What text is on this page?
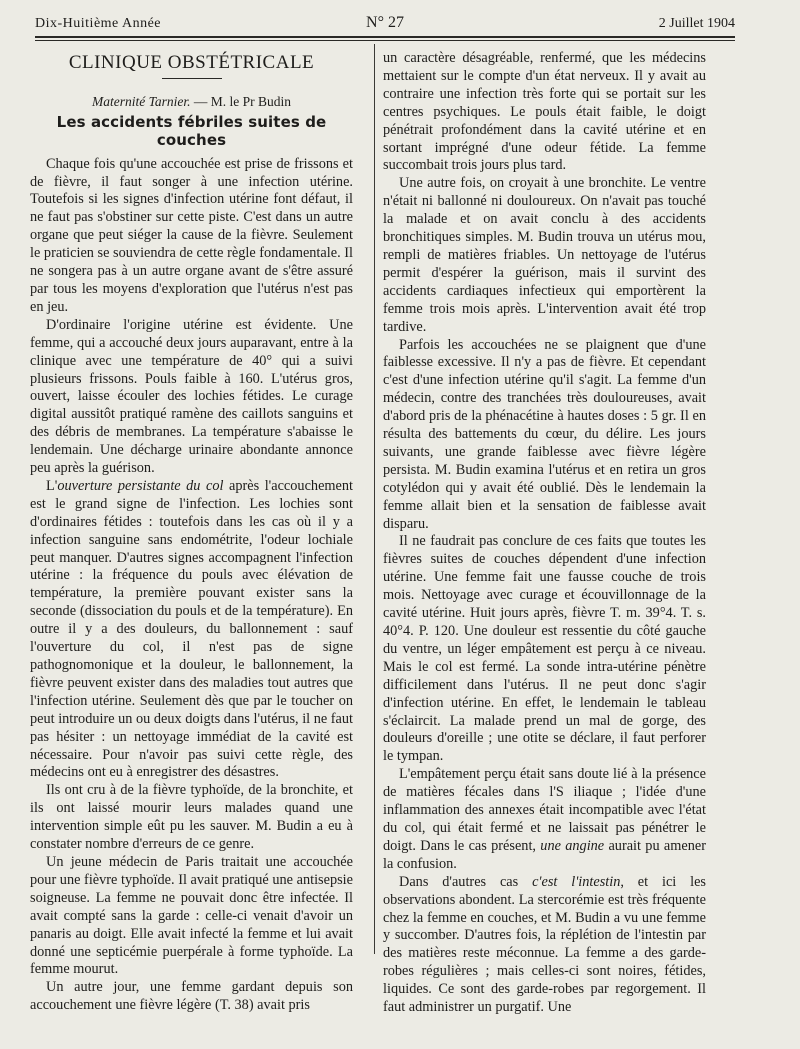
Dix-Huitième Année	N° 27	2 Juillet 1904
CLINIQUE OBSTÉTRICALE
Maternité Tarnier. — M. le Pr Budin
Les accidents fébriles suites de couches

Chaque fois qu'une accouchée est prise de frissons et de fièvre, il faut songer à une infection utérine. Toutefois si les signes d'infection utérine font défaut, il ne faut pas s'obstiner sur cette piste. C'est dans un autre organe que peut siéger la cause de la fièvre. Seulement le praticien se souviendra de cette règle fondamentale. Il ne songera pas à un autre organe avant de s'être assuré par tous les moyens d'exploration que l'utérus n'est pas en jeu.

D'ordinaire l'origine utérine est évidente. Une femme, qui a accouché deux jours auparavant, entre à la clinique avec une température de 40° qui a suivi plusieurs frissons. Pouls faible à 160. L'utérus gros, ouvert, laisse écouler des lochies fétides. Le curage digital aussitôt pratiqué ramène des caillots sanguins et des débris de membranes. La température s'abaisse le lendemain. Une décharge urinaire abondante annonce peu après la guérison.

L'ouverture persistante du col après l'accouchement est le grand signe de l'infection. Les lochies sont d'ordinaires fétides : toutefois dans les cas où il y a infection sanguine sans endométrite, l'odeur lochiale peut manquer. D'autres signes accompagnent l'infection utérine : la fréquence du pouls avec élévation de température, la première pouvant exister sans la seconde (dissociation du pouls et de la température). En outre il y a des douleurs, du ballonnement : sauf l'ouverture du col, il n'est pas de signe pathognomonique et la douleur, le ballonnement, la fièvre peuvent exister dans des maladies tout autres que l'infection utérine. Seulement dès que par le toucher on peut introduire un ou deux doigts dans l'utérus, il ne faut pas hésiter : un nettoyage immédiat de la cavité est nécessaire. Pour n'avoir pas suivi cette règle, des médecins ont eu à enregistrer des désastres.

Ils ont cru à de la fièvre typhoïde, de la bronchite, et ils ont laissé mourir leurs malades quand une intervention simple eût pu les sauver. M. Budin a eu à constater nombre d'erreurs de ce genre.

Un jeune médecin de Paris traitait une accouchée pour une fièvre typhoïde. Il avait pratiqué une antisepsie soigneuse. La femme ne pouvait donc être infectée. Il avait compté sans la garde : celle-ci venait d'avoir un panaris au doigt. Elle avait infecté la femme et lui avait donné une septicémie puerpérale à forme typhoïde. La femme mourut.

Un autre jour, une femme gardant depuis son accouchement une fièvre légère (T. 38) avait pris

un caractère désagréable, renfermé, que les médecins mettaient sur le compte d'un état nerveux. Il y avait au contraire une infection très forte qui se portait sur les centres psychiques. Le pouls était faible, le doigt pénétrait profondément dans la cavité utérine et en sortant imprégné d'une odeur fétide. La femme succombait trois jours plus tard.

Une autre fois, on croyait à une bronchite. Le ventre n'était ni ballonné ni douloureux. On n'avait pas touché la malade et on avait conclu à des accidents bronchitiques simples. M. Budin trouva un utérus mou, rempli de matières friables. Un nettoyage de l'utérus permit d'espérer la guérison, mais il survint des accidents cardiaques infectieux qui emportèrent la femme trois mois après. L'intervention avait été trop tardive.

Parfois les accouchées ne se plaignent que d'une faiblesse excessive. Il n'y a pas de fièvre. Et cependant c'est d'une infection utérine qu'il s'agit. La femme d'un médecin, contre des tranchées très douloureuses, avait d'abord pris de la phénacétine à hautes doses : 5 gr. Il en résulta des battements du cœur, du délire. Les jours suivants, une grande faiblesse avec fièvre légère persista. M. Budin examina l'utérus et en retira un gros cotylédon qui y avait été oublié. Dès le lendemain la femme allait bien et la sensation de faiblesse avait disparu.

Il ne faudrait pas conclure de ces faits que toutes les fièvres suites de couches dépendent d'une infection utérine. Une femme fait une fausse couche de trois mois. Nettoyage avec curage et écouvillonnage de la cavité utérine. Huit jours après, fièvre T. m. 39°4. T. s. 40°4. P. 120. Une douleur est ressentie du côté gauche du ventre, un léger empâtement est perçu à ce niveau. Mais le col est fermé. La sonde intra-utérine pénètre difficilement dans l'utérus. Il ne peut donc s'agir d'infection utérine. En effet, le lendemain le tableau s'éclaircit. La malade prend un mal de gorge, des douleurs d'oreille ; une otite se déclare, il faut perforer le tympan.

L'empâtement perçu était sans doute lié à la présence de matières fécales dans l'S iliaque ; l'idée d'une inflammation des annexes était incompatible avec l'état du col, qui était fermé et ne laissait pas pénétrer le doigt. Dans le cas présent, une angine aurait pu amener la confusion.

Dans d'autres cas c'est l'intestin, et ici les observations abondent. La stercorémie est très fréquente chez la femme en couches, et M. Budin a vu une femme y succomber. D'autres fois, la réplétion de l'intestin par des matières reste méconnue. La femme a des garde-robes régulières ; mais celles-ci sont noires, fétides, liquides. Ce sont des garde-robes par regorgement. Il faut administrer un purgatif. Une
